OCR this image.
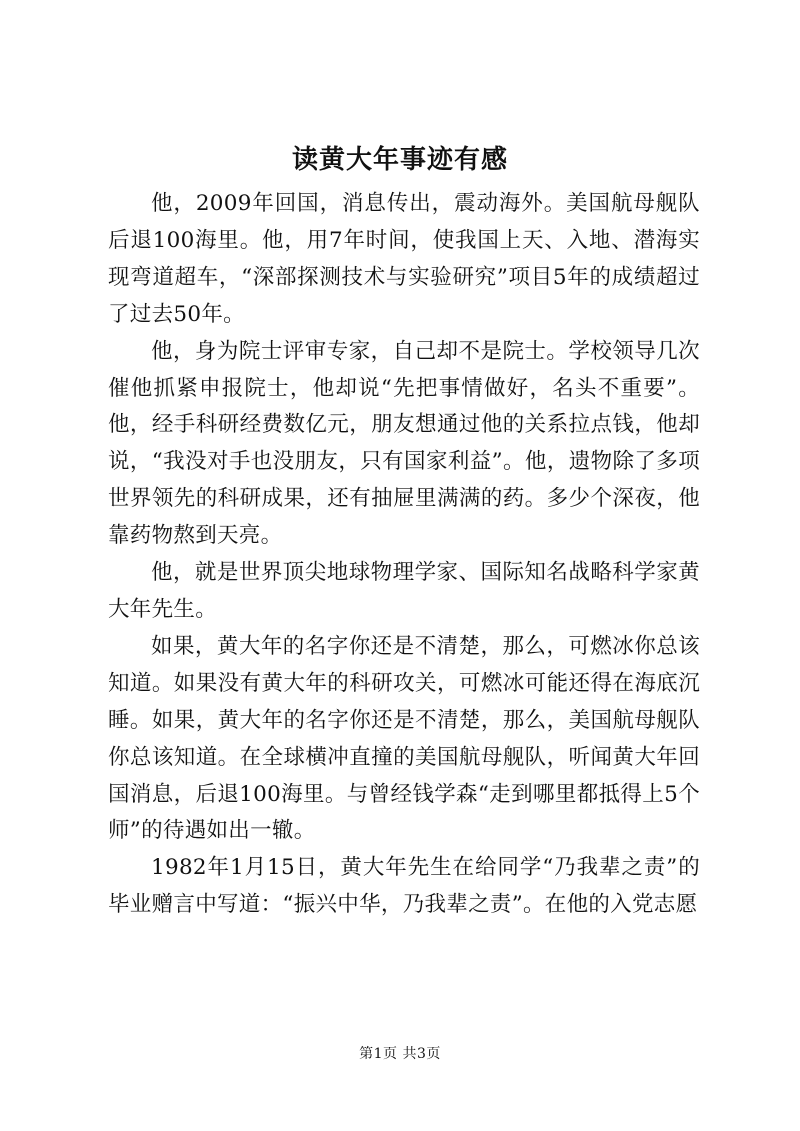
读黄大年事迹有感

他，2009年回国，消息传出，震动海外。美国航母舰队后退100海里。他，用7年时间，使我国上天、入地、潜海实现弯道超车，“深部探测技术与实验研究”项目5年的成绩超过了过去50年。

他，身为院士评审专家，自己却不是院士。学校领导几次催他抓紧申报院士，他却说“先把事情做好，名头不重要”。他，经手科研经费数亿元，朋友想通过他的关系拉点钱，他却说，“我没对手也没朋友，只有国家利益”。他，遗物除了多项世界领先的科研成果，还有抽屉里满满的药。多少个深夜，他靠药物熬到天亮。

他，就是世界顶尖地球物理学家、国际知名战略科学家黄大年先生。

如果，黄大年的名字你还是不清楚，那么，可燃冰你总该知道。如果没有黄大年的科研攻关，可燃冰可能还得在海底沉睡。如果，黄大年的名字你还是不清楚，那么，美国航母舰队你总该知道。在全球横冲直撞的美国航母舰队，听闻黄大年回国消息，后退100海里。与曾经钱学森“走到哪里都抵得上5个师”的待遇如出一辙。

1982年1月15日，黄大年先生在给同学“乃我辈之责”的毕业赠言中写道：“振兴中华，乃我辈之责”。在他的入党志愿

第1页 共3页
